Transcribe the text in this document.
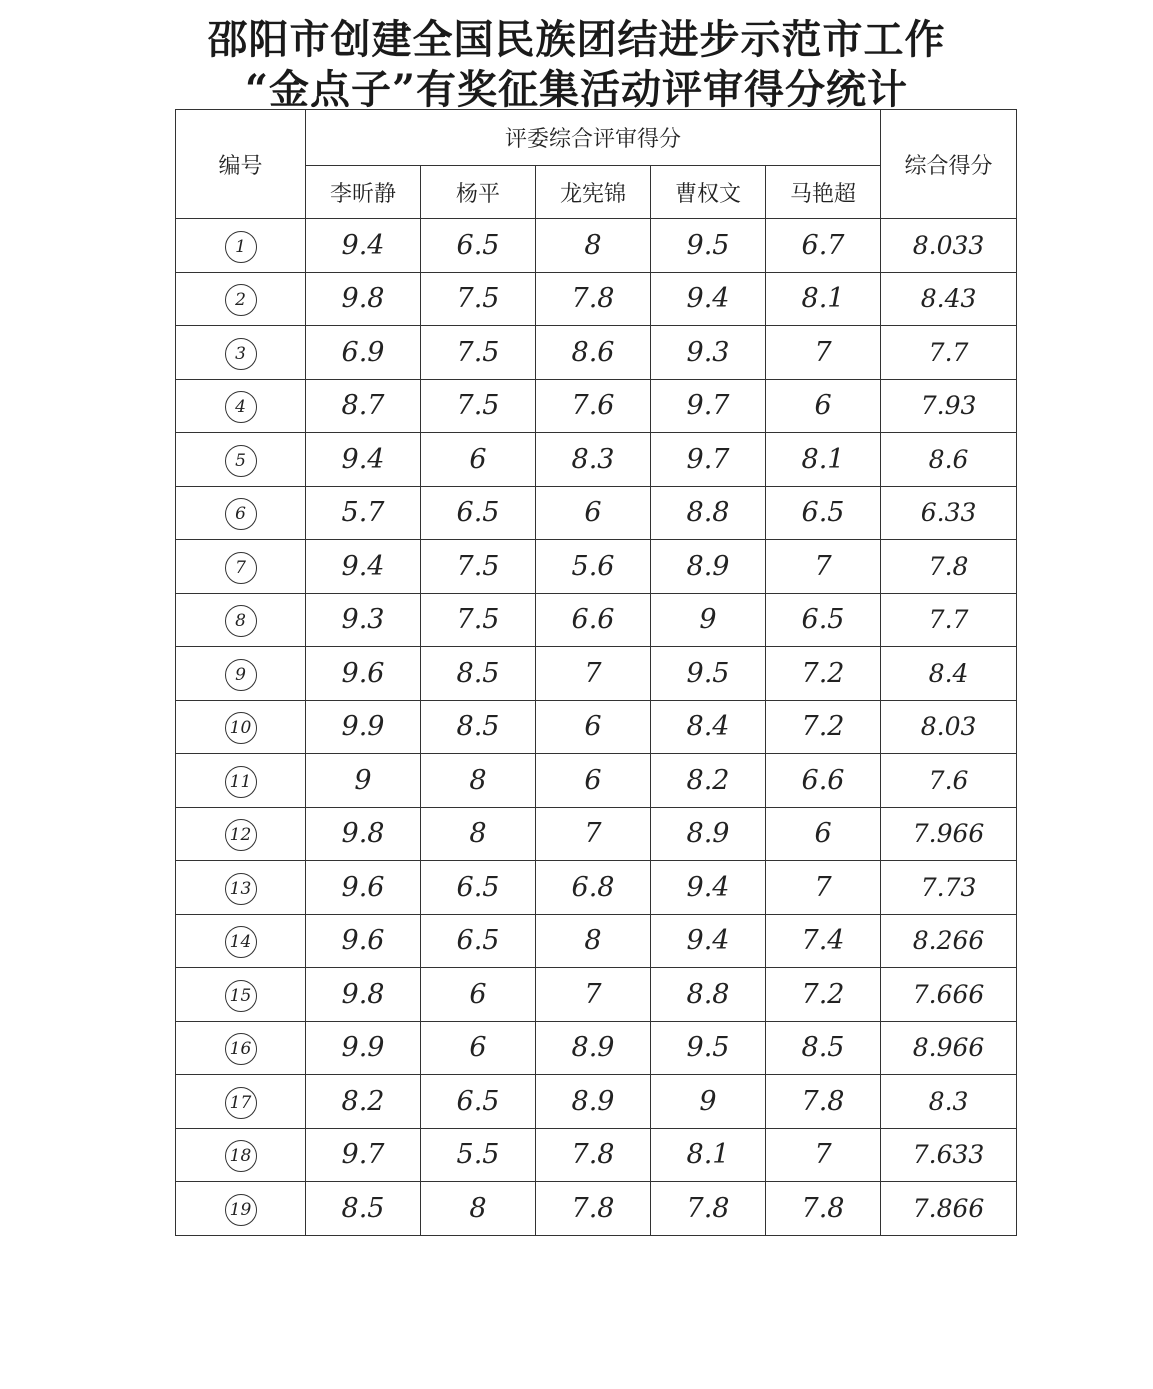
邵阳市创建全国民族团结进步示范市工作
“金点子”有奖征集活动评审得分统计
编号	评委综合评审得分					综合得分
	李昕静	杨平	龙宪锦	曹权文	马艳超	
1	9.4	6.5	8	9.5	6.7	8.033
2	9.8	7.5	7.8	9.4	8.1	8.43
3	6.9	7.5	8.6	9.3	7	7.7
4	8.7	7.5	7.6	9.7	6	7.93
5	9.4	6	8.3	9.7	8.1	8.6
6	5.7	6.5	6	8.8	6.5	6.33
7	9.4	7.5	5.6	8.9	7	7.8
8	9.3	7.5	6.6	9	6.5	7.7
9	9.6	8.5	7	9.5	7.2	8.4
10	9.9	8.5	6	8.4	7.2	8.03
11	9	8	6	8.2	6.6	7.6
12	9.8	8	7	8.9	6	7.966
13	9.6	6.5	6.8	9.4	7	7.73
14	9.6	6.5	8	9.4	7.4	8.266
15	9.8	6	7	8.8	7.2	7.666
16	9.9	6	8.9	9.5	8.5	8.966
17	8.2	6.5	8.9	9	7.8	8.3
18	9.7	5.5	7.8	8.1	7	7.633
19	8.5	8	7.8	7.8	7.8	7.866
